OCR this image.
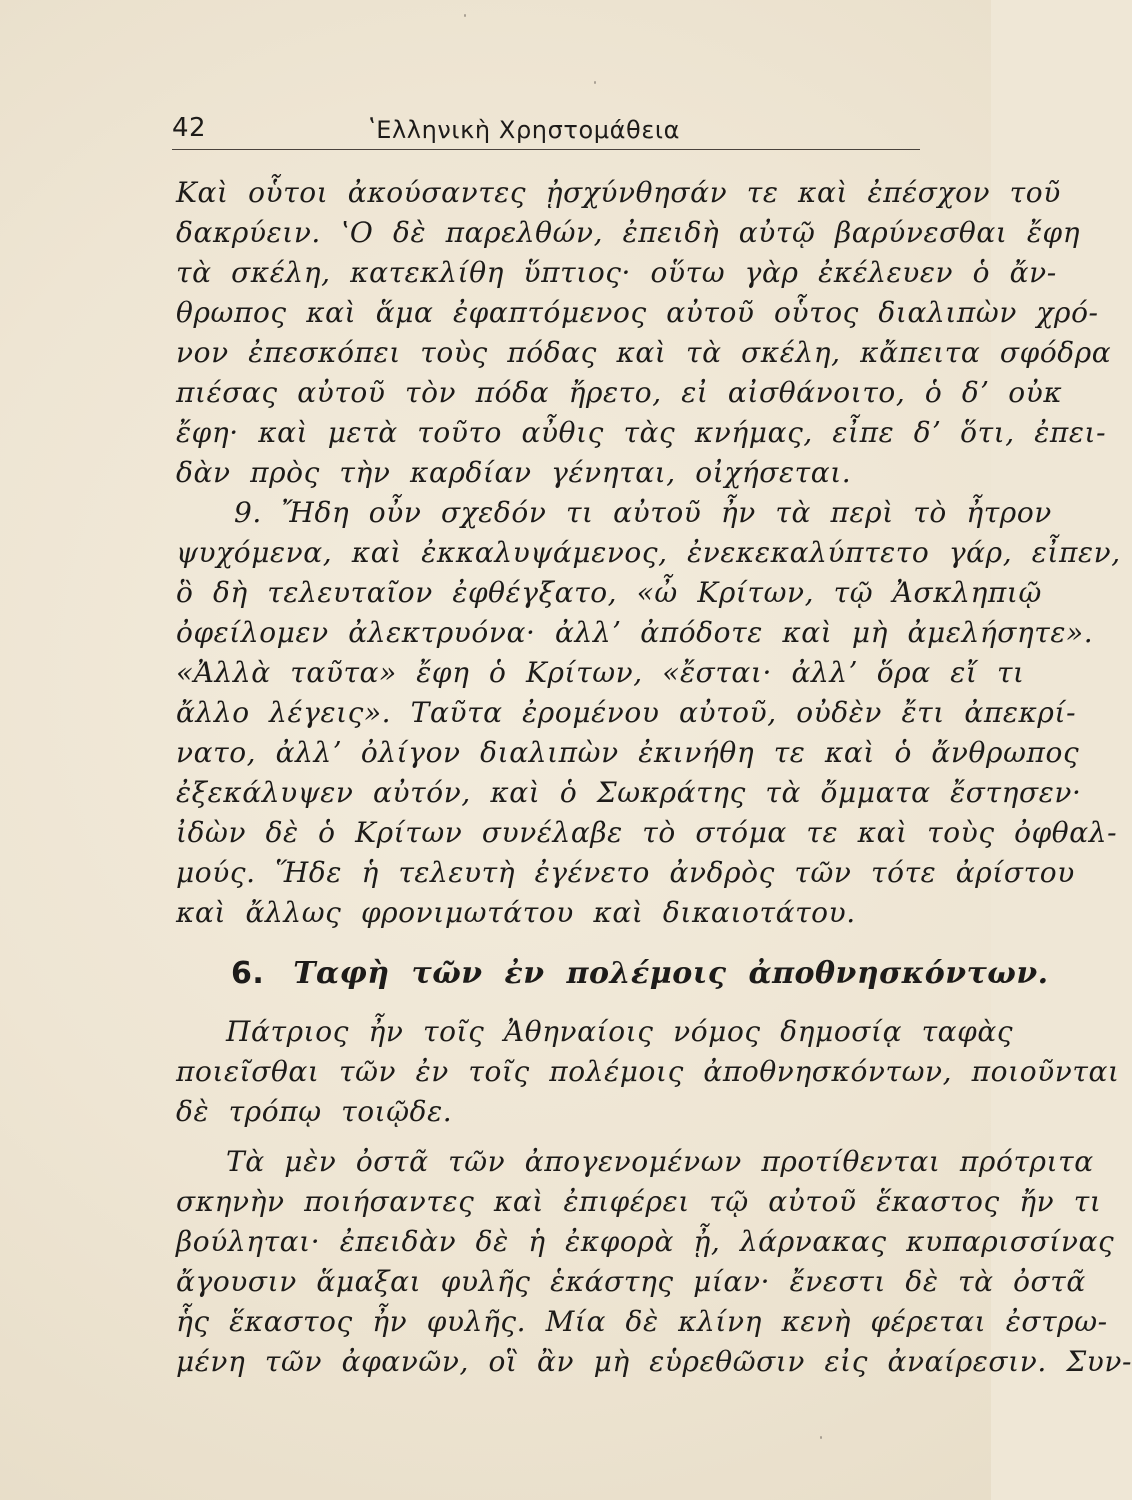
42	ʽΕλληνικὴ Χρηστομάθεια
Καὶ οὗτοι ἀκούσαντες ᾐσχύνθησάν τε καὶ ἐπέσχον τοῦ
δακρύειν. ʽΟ δὲ παρελθών, ἐπειδὴ αὐτῷ βαρύνεσθαι ἔφη
τὰ σκέλη, κατεκλίθη ὕπτιος· οὕτω γὰρ ἐκέλευεν ὁ ἄν-
θρωπος καὶ ἅμα ἐφαπτόμενος αὐτοῦ οὗτος διαλιπὼν χρό-
νον ἐπεσκόπει τοὺς πόδας καὶ τὰ σκέλη, κἄπειτα σφόδρα
πιέσας αὐτοῦ τὸν πόδα ἤρετο, εἰ αἰσθάνοιτο, ὁ δʼ οὐκ
ἔφη· καὶ μετὰ τοῦτο αὖθις τὰς κνήμας, εἶπε δʼ ὅτι, ἐπει-
δὰν πρὸς τὴν καρδίαν γένηται, οἰχήσεται.
9. Ἤδη οὖν σχεδόν τι αὐτοῦ ἦν τὰ περὶ τὸ ἦτρον
ψυχόμενα, καὶ ἐκκαλυψάμενος, ἐνεκεκαλύπτετο γάρ, εἶπεν,
ὃ δὴ τελευταῖον ἐφθέγξατο, «ὦ Κρίτων, τῷ Ἀσκληπιῷ
ὀφείλομεν ἀλεκτρυόνα· ἀλλʼ ἀπόδοτε καὶ μὴ ἀμελήσητε».
«Ἀλλὰ ταῦτα» ἔφη ὁ Κρίτων, «ἔσται· ἀλλʼ ὅρα εἴ τι
ἄλλο λέγεις». Ταῦτα ἐρομένου αὐτοῦ, οὐδὲν ἔτι ἀπεκρί-
νατο, ἀλλʼ ὀλίγον διαλιπὼν ἐκινήθη τε καὶ ὁ ἄνθρωπος
ἐξεκάλυψεν αὐτόν, καὶ ὁ Σωκράτης τὰ ὄμματα ἔστησεν·
ἰδὼν δὲ ὁ Κρίτων συνέλαβε τὸ στόμα τε καὶ τοὺς ὀφθαλ-
μούς. Ἥδε ἡ τελευτὴ ἐγένετο ἀνδρὸς τῶν τότε ἀρίστου
καὶ ἄλλως φρονιμωτάτου καὶ δικαιοτάτου.
6. Ταφὴ τῶν ἐν πολέμοις ἀποθνησκόντων.
Πάτριος ἦν τοῖς Ἀθηναίοις νόμος δημοσίᾳ ταφὰς
ποιεῖσθαι τῶν ἐν τοῖς πολέμοις ἀποθνησκόντων, ποιοῦνται
δὲ τρόπῳ τοιῷδε.
Τὰ μὲν ὀστᾶ τῶν ἀπογενομένων προτίθενται πρότριτα
σκηνὴν ποιήσαντες καὶ ἐπιφέρει τῷ αὐτοῦ ἕκαστος ἤν τι
βούληται· ἐπειδὰν δὲ ἡ ἐκφορὰ ᾖ, λάρνακας κυπαρισσίνας
ἄγουσιν ἅμαξαι φυλῆς ἑκάστης μίαν· ἔνεστι δὲ τὰ ὀστᾶ
ἧς ἕκαστος ἦν φυλῆς. Μία δὲ κλίνη κενὴ φέρεται ἐστρω-
μένη τῶν ἀφανῶν, οἳ ἂν μὴ εὑρεθῶσιν εἰς ἀναίρεσιν. Συν-
